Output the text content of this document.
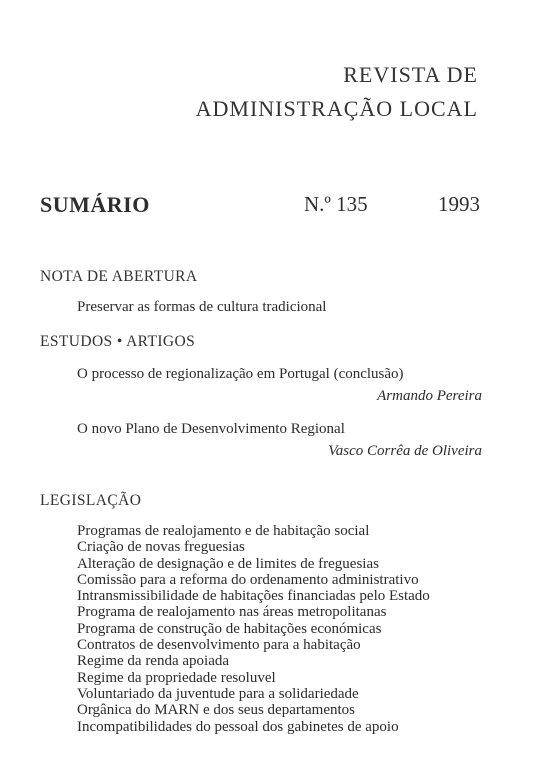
REVISTA DE
ADMINISTRAÇÃO LOCAL
SUMÁRIO	N.º 135	1993
NOTA DE ABERTURA
Preservar as formas de cultura tradicional
ESTUDOS • ARTIGOS
O processo de regionalização em Portugal (conclusão)
Armando Pereira
O novo Plano de Desenvolvimento Regional
Vasco Corrêa de Oliveira
LEGISLAÇÃO
Programas de realojamento e de habitação social
Criação de novas freguesias
Alteração de designação e de limites de freguesias
Comissão para a reforma do ordenamento administrativo
Intransmissibilidade de habitações financiadas pelo Estado
Programa de realojamento nas áreas metropolitanas
Programa de construção de habitações económicas
Contratos de desenvolvimento para a habitação
Regime da renda apoiada
Regime da propriedade resoluvel
Voluntariado da juventude para a solidariedade
Orgânica do MARN e dos seus departamentos
Incompatibilidades do pessoal dos gabinetes de apoio
